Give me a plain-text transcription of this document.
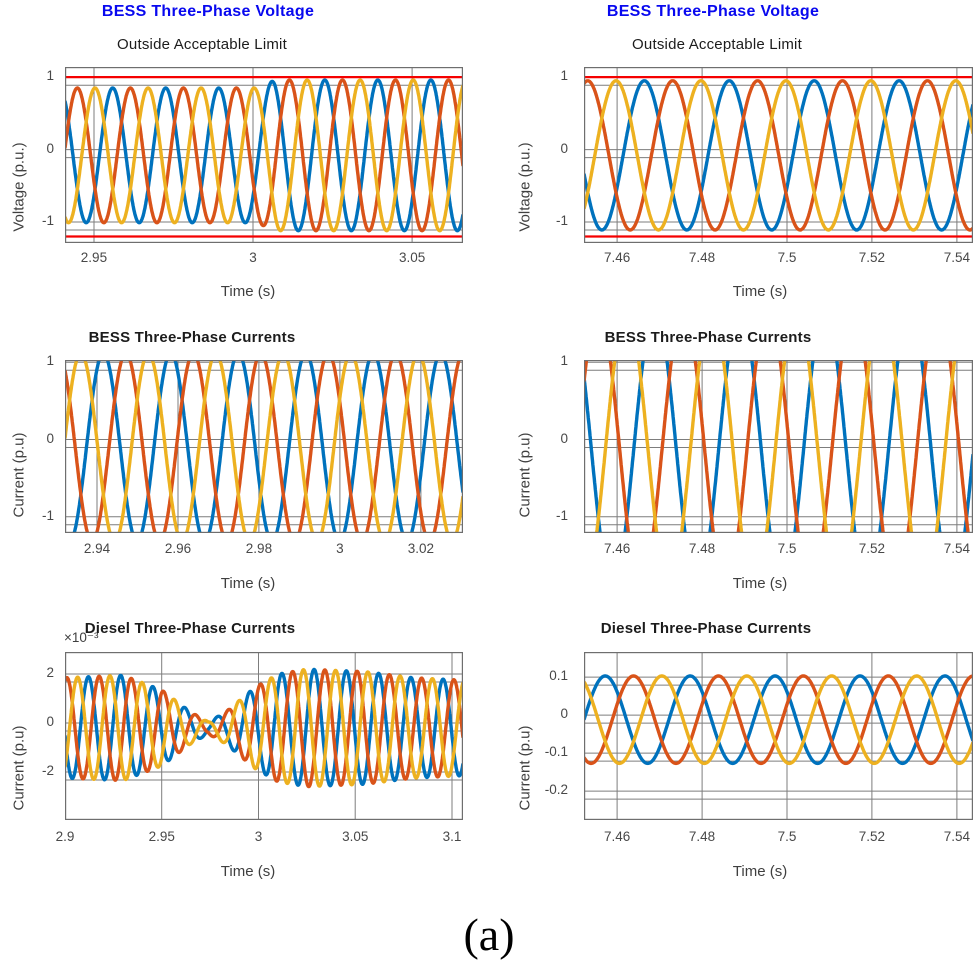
BESS Three-Phase Voltage	BESS Three-Phase Voltage
Outside Acceptable Limit	Outside Acceptable Limit
BESS Three-Phase Currents	BESS Three-Phase Currents
Diesel Three-Phase Currents	Diesel Three-Phase Currents
×10⁻³
Time (s)	Time (s)
Time (s)	Time (s)
Time (s)	Time (s)
Voltage (p.u.)	Voltage (p.u.)
Current (p.u)	Current (p.u)
Current (p.u)	Current (p.u)
(a)
2.95	3	3.05
1
0
-1
7.46	7.48	7.5	7.52	7.54
1
0
-1
2.94	2.96	2.98	3	3.02
1
0
-1
7.46	7.48	7.5	7.52	7.54
1
0
-1
2.9	2.95	3	3.05	3.1
2
0
-2
7.46	7.48	7.5	7.52	7.54
0.1
0
-0.1
-0.2
